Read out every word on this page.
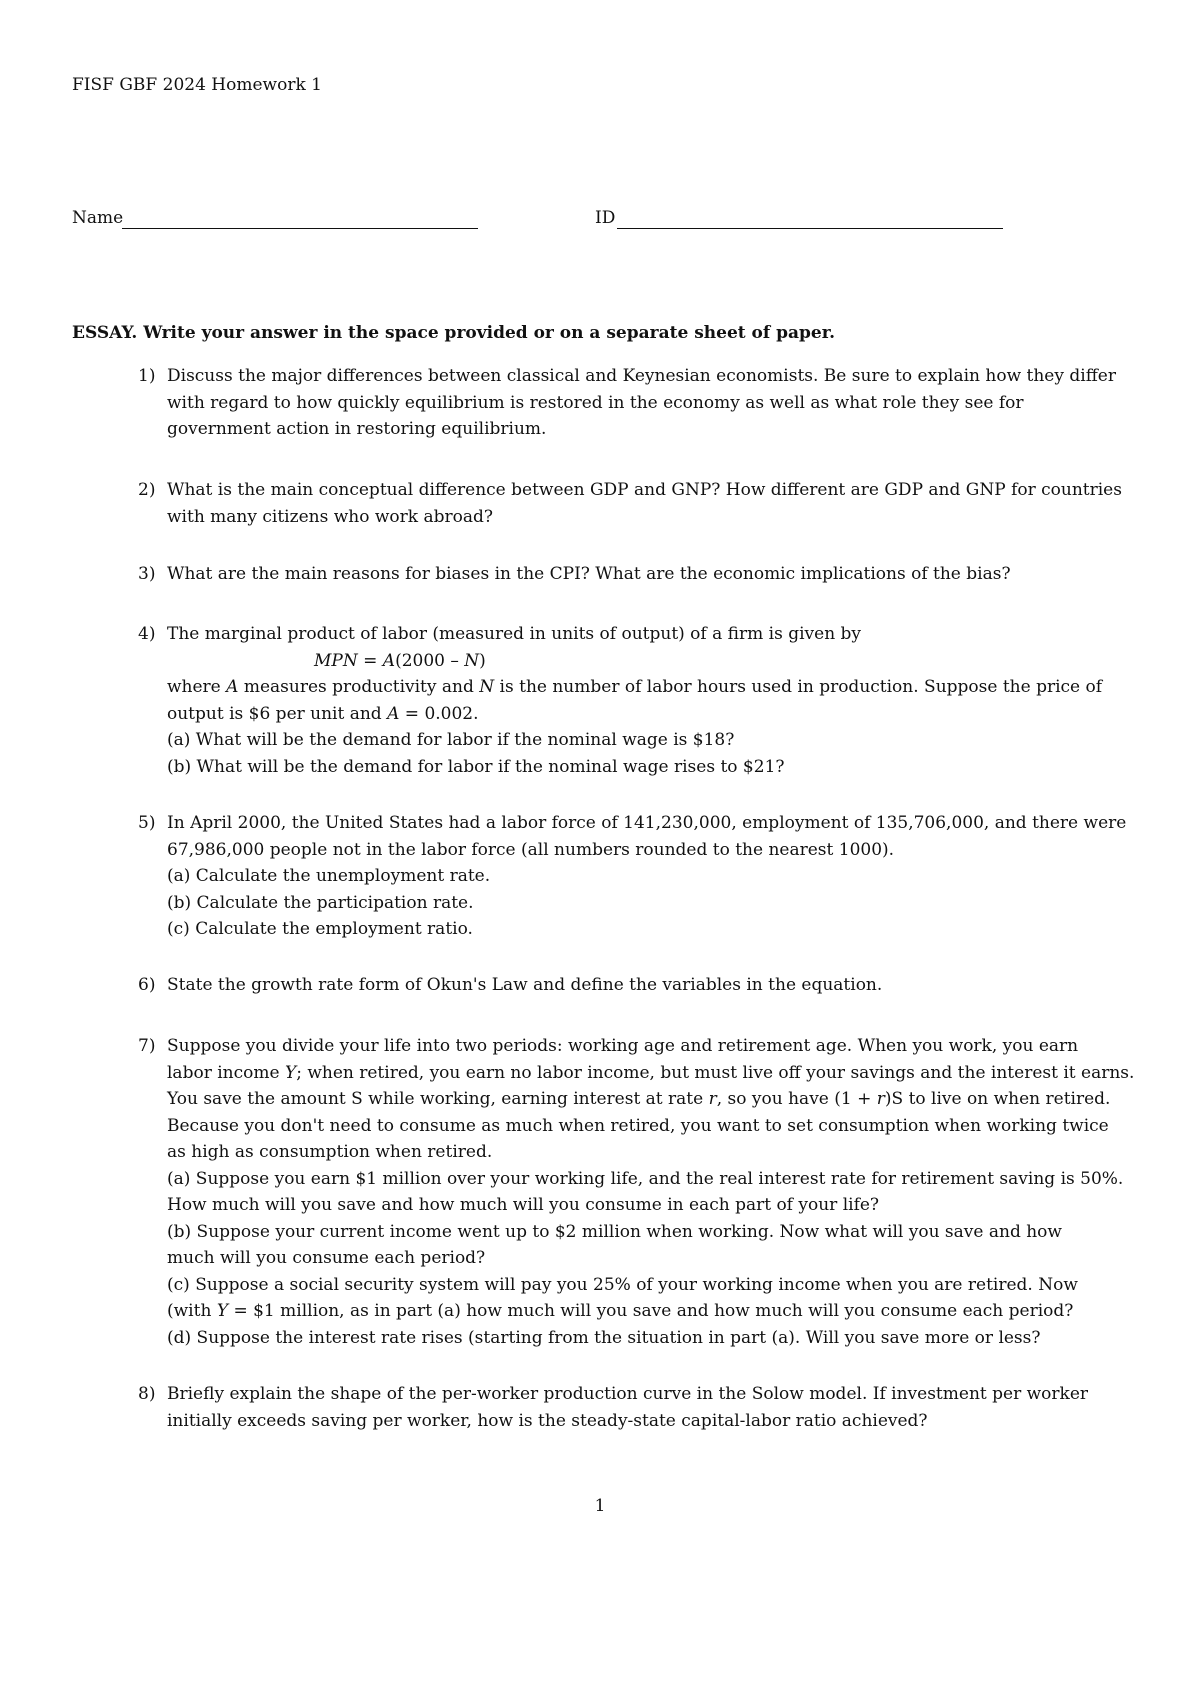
FISF GBF 2024 Homework 1
Name	ID
ESSAY. Write your answer in the space provided or on a separate sheet of paper.
1) Discuss the major differences between classical and Keynesian economists. Be sure to explain how they differ
with regard to how quickly equilibrium is restored in the economy as well as what role they see for
government action in restoring equilibrium.
2) What is the main conceptual difference between GDP and GNP? How different are GDP and GNP for countries
with many citizens who work abroad?
3) What are the main reasons for biases in the CPI? What are the economic implications of the bias?
4) The marginal product of labor (measured in units of output) of a firm is given by
MPN = A(2000 – N)
where A measures productivity and N is the number of labor hours used in production. Suppose the price of
output is $6 per unit and A = 0.002.
(a) What will be the demand for labor if the nominal wage is $18?
(b) What will be the demand for labor if the nominal wage rises to $21?
5) In April 2000, the United States had a labor force of 141,230,000, employment of 135,706,000, and there were
67,986,000 people not in the labor force (all numbers rounded to the nearest 1000).
(a) Calculate the unemployment rate.
(b) Calculate the participation rate.
(c) Calculate the employment ratio.
6) State the growth rate form of Okun's Law and define the variables in the equation.
7) Suppose you divide your life into two periods: working age and retirement age. When you work, you earn
labor income Y; when retired, you earn no labor income, but must live off your savings and the interest it earns.
You save the amount S while working, earning interest at rate r, so you have (1 + r)S to live on when retired.
Because you don't need to consume as much when retired, you want to set consumption when working twice
as high as consumption when retired.
(a) Suppose you earn $1 million over your working life, and the real interest rate for retirement saving is 50%.
How much will you save and how much will you consume in each part of your life?
(b) Suppose your current income went up to $2 million when working. Now what will you save and how
much will you consume each period?
(c) Suppose a social security system will pay you 25% of your working income when you are retired. Now
(with Y = $1 million, as in part (a) how much will you save and how much will you consume each period?
(d) Suppose the interest rate rises (starting from the situation in part (a). Will you save more or less?
8) Briefly explain the shape of the per-worker production curve in the Solow model. If investment per worker
initially exceeds saving per worker, how is the steady-state capital-labor ratio achieved?
1
